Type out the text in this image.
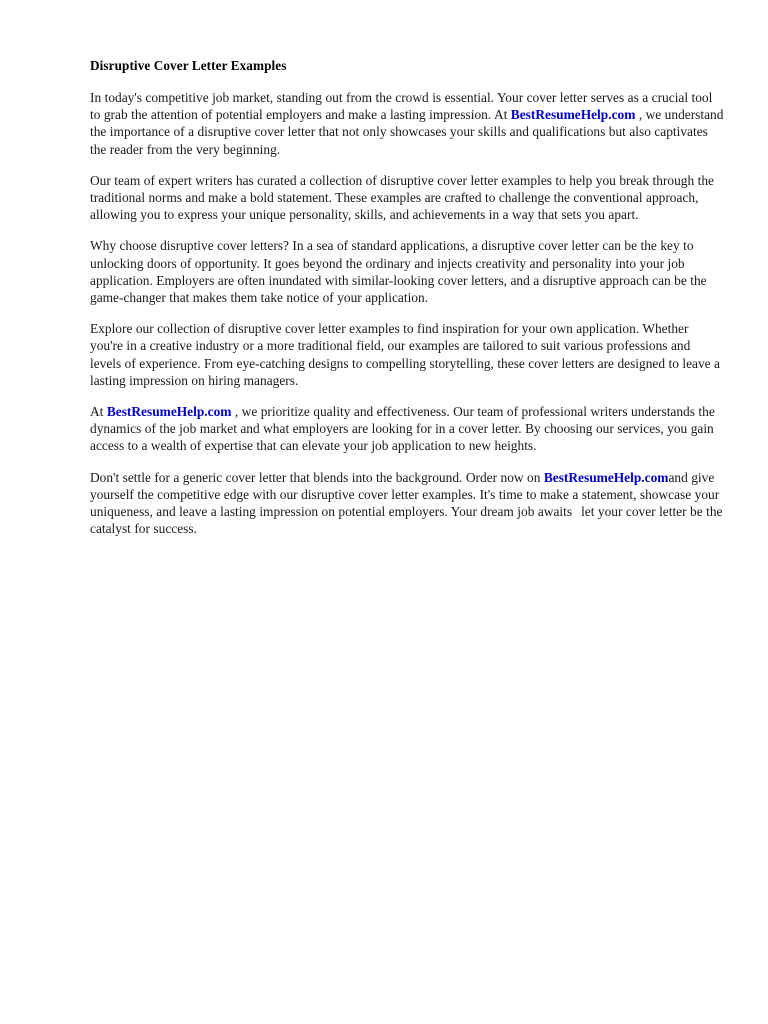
Disruptive Cover Letter Examples

In today's competitive job market, standing out from the crowd is essential. Your cover letter serves as a crucial tool to grab the attention of potential employers and make a lasting impression. At BestResumeHelp.com , we understand the importance of a disruptive cover letter that not only showcases your skills and qualifications but also captivates the reader from the very beginning.

Our team of expert writers has curated a collection of disruptive cover letter examples to help you break through the traditional norms and make a bold statement. These examples are crafted to challenge the conventional approach, allowing you to express your unique personality, skills, and achievements in a way that sets you apart.

Why choose disruptive cover letters? In a sea of standard applications, a disruptive cover letter can be the key to unlocking doors of opportunity. It goes beyond the ordinary and injects creativity and personality into your job application. Employers are often inundated with similar-looking cover letters, and a disruptive approach can be the game-changer that makes them take notice of your application.

Explore our collection of disruptive cover letter examples to find inspiration for your own application. Whether you're in a creative industry or a more traditional field, our examples are tailored to suit various professions and levels of experience. From eye-catching designs to compelling storytelling, these cover letters are designed to leave a lasting impression on hiring managers.

At BestResumeHelp.com , we prioritize quality and effectiveness. Our team of professional writers understands the dynamics of the job market and what employers are looking for in a cover letter. By choosing our services, you gain access to a wealth of expertise that can elevate your job application to new heights.

Don't settle for a generic cover letter that blends into the background. Order now on BestResumeHelp.comand give yourself the competitive edge with our disruptive cover letter examples. It's time to make a statement, showcase your uniqueness, and leave a lasting impression on potential employers. Your dream job awaits let your cover letter be the catalyst for success.
